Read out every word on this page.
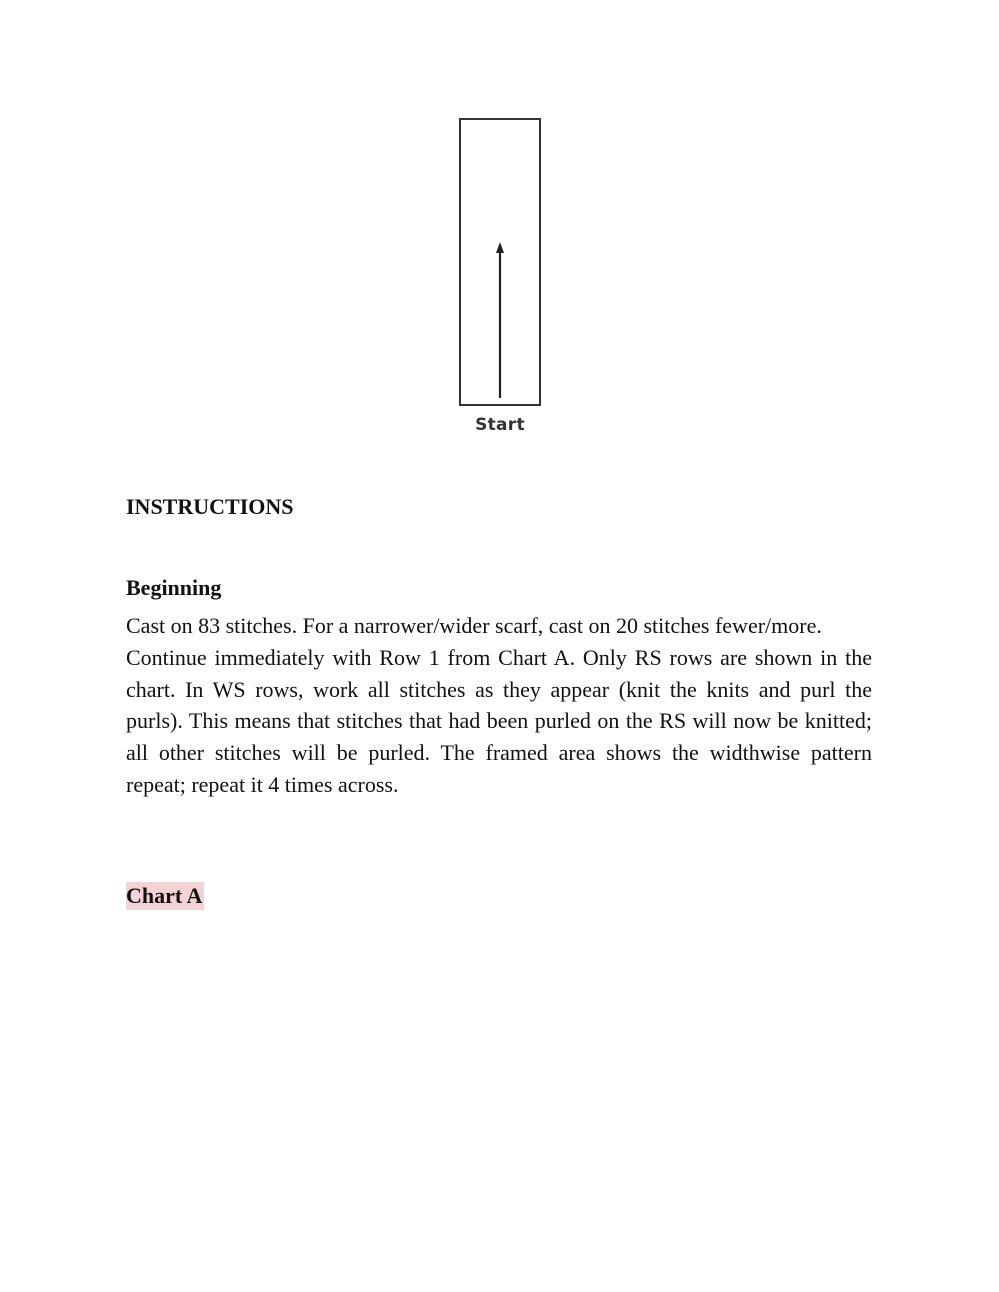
Start
INSTRUCTIONS
Beginning

Cast on 83 stitches. For a narrower/wider scarf, cast on 20 stitches fewer/more.

Continue immediately with Row 1 from Chart A. Only RS rows are shown in the chart. In WS rows, work all stitches as they appear (knit the knits and purl the purls). This means that stitches that had been purled on the RS will now be knitted; all other stitches will be purled. The framed area shows the widthwise pattern repeat; repeat it 4 times across.

Chart A
